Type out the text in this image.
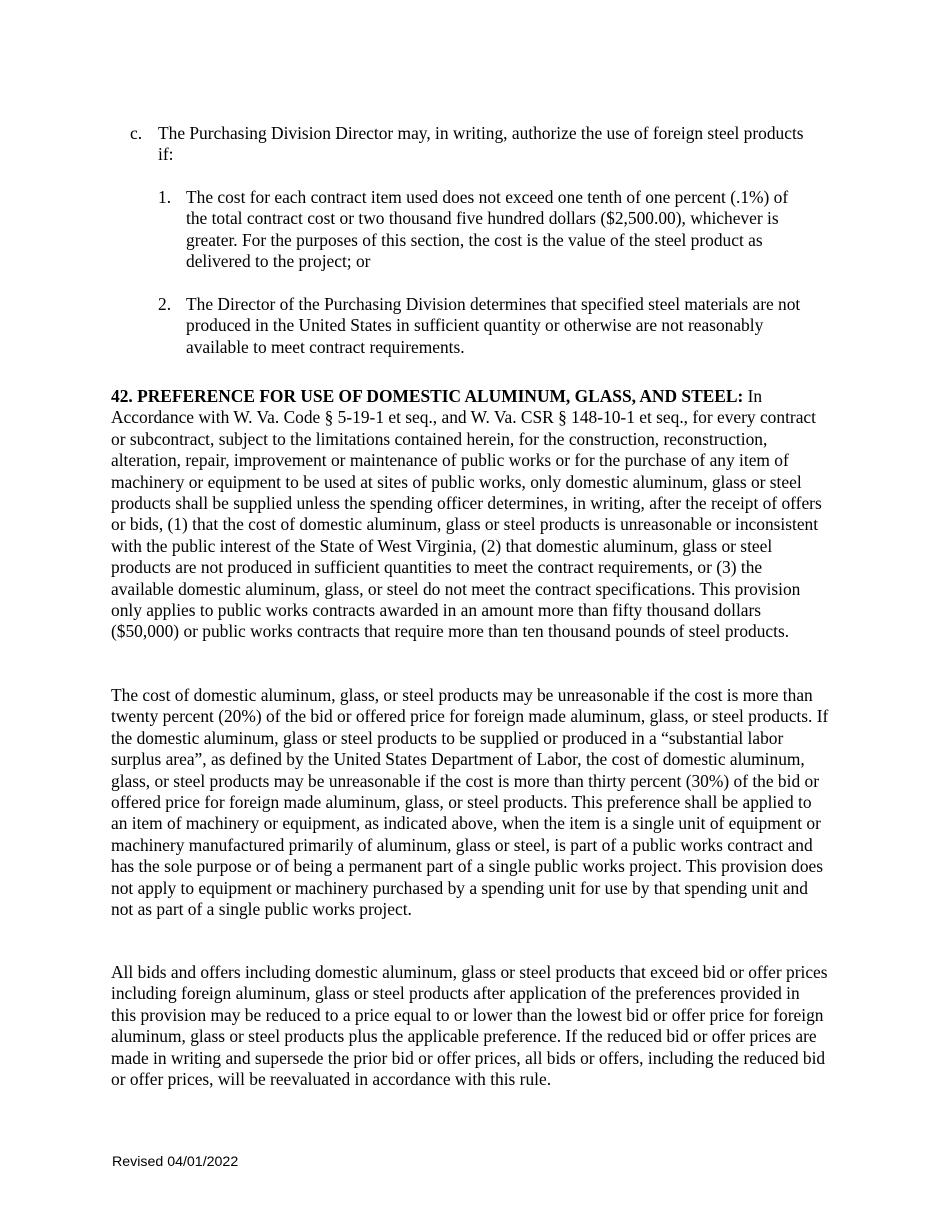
c. The Purchasing Division Director may, in writing, authorize the use of foreign steel products if:
1. The cost for each contract item used does not exceed one tenth of one percent (.1%) of the total contract cost or two thousand five hundred dollars ($2,500.00), whichever is greater. For the purposes of this section, the cost is the value of the steel product as delivered to the project; or
2. The Director of the Purchasing Division determines that specified steel materials are not produced in the United States in sufficient quantity or otherwise are not reasonably available to meet contract requirements.

42. PREFERENCE FOR USE OF DOMESTIC ALUMINUM, GLASS, AND STEEL: In Accordance with W. Va. Code § 5-19-1 et seq., and W. Va. CSR § 148-10-1 et seq., for every contract or subcontract, subject to the limitations contained herein, for the construction, reconstruction, alteration, repair, improvement or maintenance of public works or for the purchase of any item of machinery or equipment to be used at sites of public works, only domestic aluminum, glass or steel products shall be supplied unless the spending officer determines, in writing, after the receipt of offers or bids, (1) that the cost of domestic aluminum, glass or steel products is unreasonable or inconsistent with the public interest of the State of West Virginia, (2) that domestic aluminum, glass or steel products are not produced in sufficient quantities to meet the contract requirements, or (3) the available domestic aluminum, glass, or steel do not meet the contract specifications. This provision only applies to public works contracts awarded in an amount more than fifty thousand dollars ($50,000) or public works contracts that require more than ten thousand pounds of steel products.

The cost of domestic aluminum, glass, or steel products may be unreasonable if the cost is more than twenty percent (20%) of the bid or offered price for foreign made aluminum, glass, or steel products. If the domestic aluminum, glass or steel products to be supplied or produced in a “substantial labor surplus area”, as defined by the United States Department of Labor, the cost of domestic aluminum, glass, or steel products may be unreasonable if the cost is more than thirty percent (30%) of the bid or offered price for foreign made aluminum, glass, or steel products. This preference shall be applied to an item of machinery or equipment, as indicated above, when the item is a single unit of equipment or machinery manufactured primarily of aluminum, glass or steel, is part of a public works contract and has the sole purpose or of being a permanent part of a single public works project. This provision does not apply to equipment or machinery purchased by a spending unit for use by that spending unit and not as part of a single public works project.

All bids and offers including domestic aluminum, glass or steel products that exceed bid or offer prices including foreign aluminum, glass or steel products after application of the preferences provided in this provision may be reduced to a price equal to or lower than the lowest bid or offer price for foreign aluminum, glass or steel products plus the applicable preference. If the reduced bid or offer prices are made in writing and supersede the prior bid or offer prices, all bids or offers, including the reduced bid or offer prices, will be reevaluated in accordance with this rule.

Revised 04/01/2022
